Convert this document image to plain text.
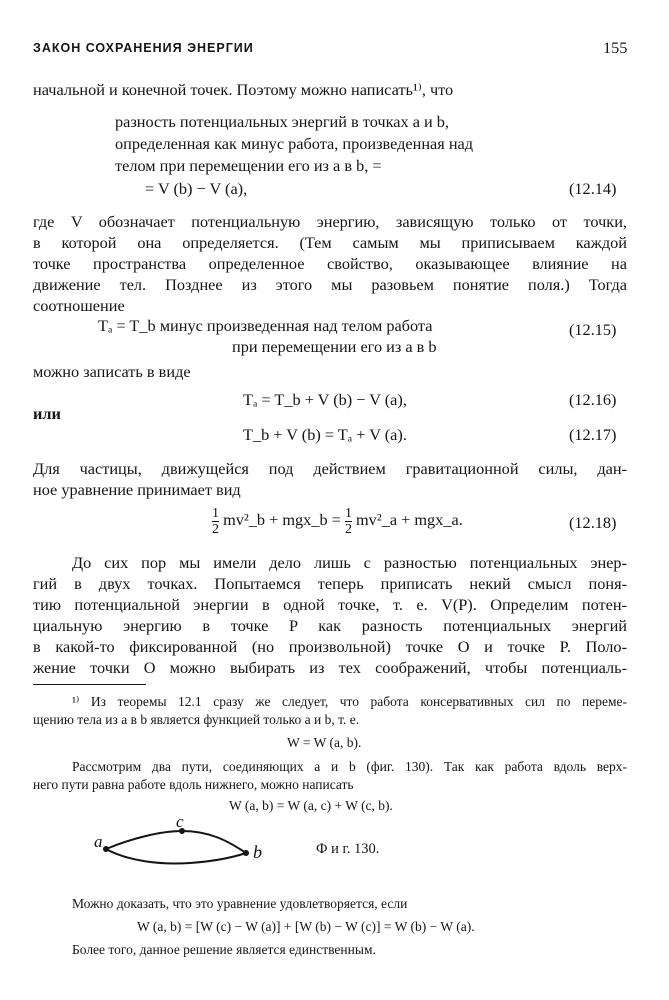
ЗАКОН СОХРАНЕНИЯ ЭНЕРГИИ	155
начальной и конечной точек. Поэтому можно написать¹⁾, что
разность потенциальных энергий в точках a и b,
определенная как минус работа, произведенная над
телом при перемещении его из a в b, =
= V (b) − V (a),	(12.14)
где V обозначает потенциальную энергию, зависящую только от точки,
в которой она определяется. (Тем самым мы приписываем каждой
точке пространства определенное свойство, оказывающее влияние на
движение тел. Позднее из этого мы разовьем понятие поля.) Тогда
соотношение
Tₐ = T_b минус произведенная над телом работа
при перемещении его из a в b
(12.15)
можно записать в виде
Tₐ = T_b + V (b) − V (a),	(12.16)
или
T_b + V (b) = Tₐ + V (a).	(12.17)
Для частицы, движущейся под действием гравитационной силы, дан-
ное уравнение принимает вид
$\frac{1}{2}$ mv²_b + mgx_b = $\frac{1}{2}$ mv²_a + mgx_a.	(12.18)
До сих пор мы имели дело лишь с разностью потенциальных энер-
гий в двух точках. Попытаемся теперь приписать некий смысл поня-
тию потенциальной энергии в одной точке, т. е. V(P). Определим потен-
циальную энергию в точке P как разность потенциальных энергий
в какой-то фиксированной (но произвольной) точке O и точке P. Поло-
жение точки O можно выбирать из тех соображений, чтобы потенциаль-
¹⁾ Из теоремы 12.1 сразу же следует, что работа консервативных сил по переме-
щению тела из a в b является функцией только a и b, т. е.
W = W (a, b).
Рассмотрим два пути, соединяющих a и b (фиг. 130). Так как работа вдоль верх-
него пути равна работе вдоль нижнего, можно написать
W (a, b) = W (a, c) + W (c, b).
a
c
b	Ф и г. 130.
Можно доказать, что это уравнение удовлетворяется, если
W (a, b) = [W (c) − W (a)] + [W (b) − W (c)] = W (b) − W (a).
Более того, данное решение является единственным.
